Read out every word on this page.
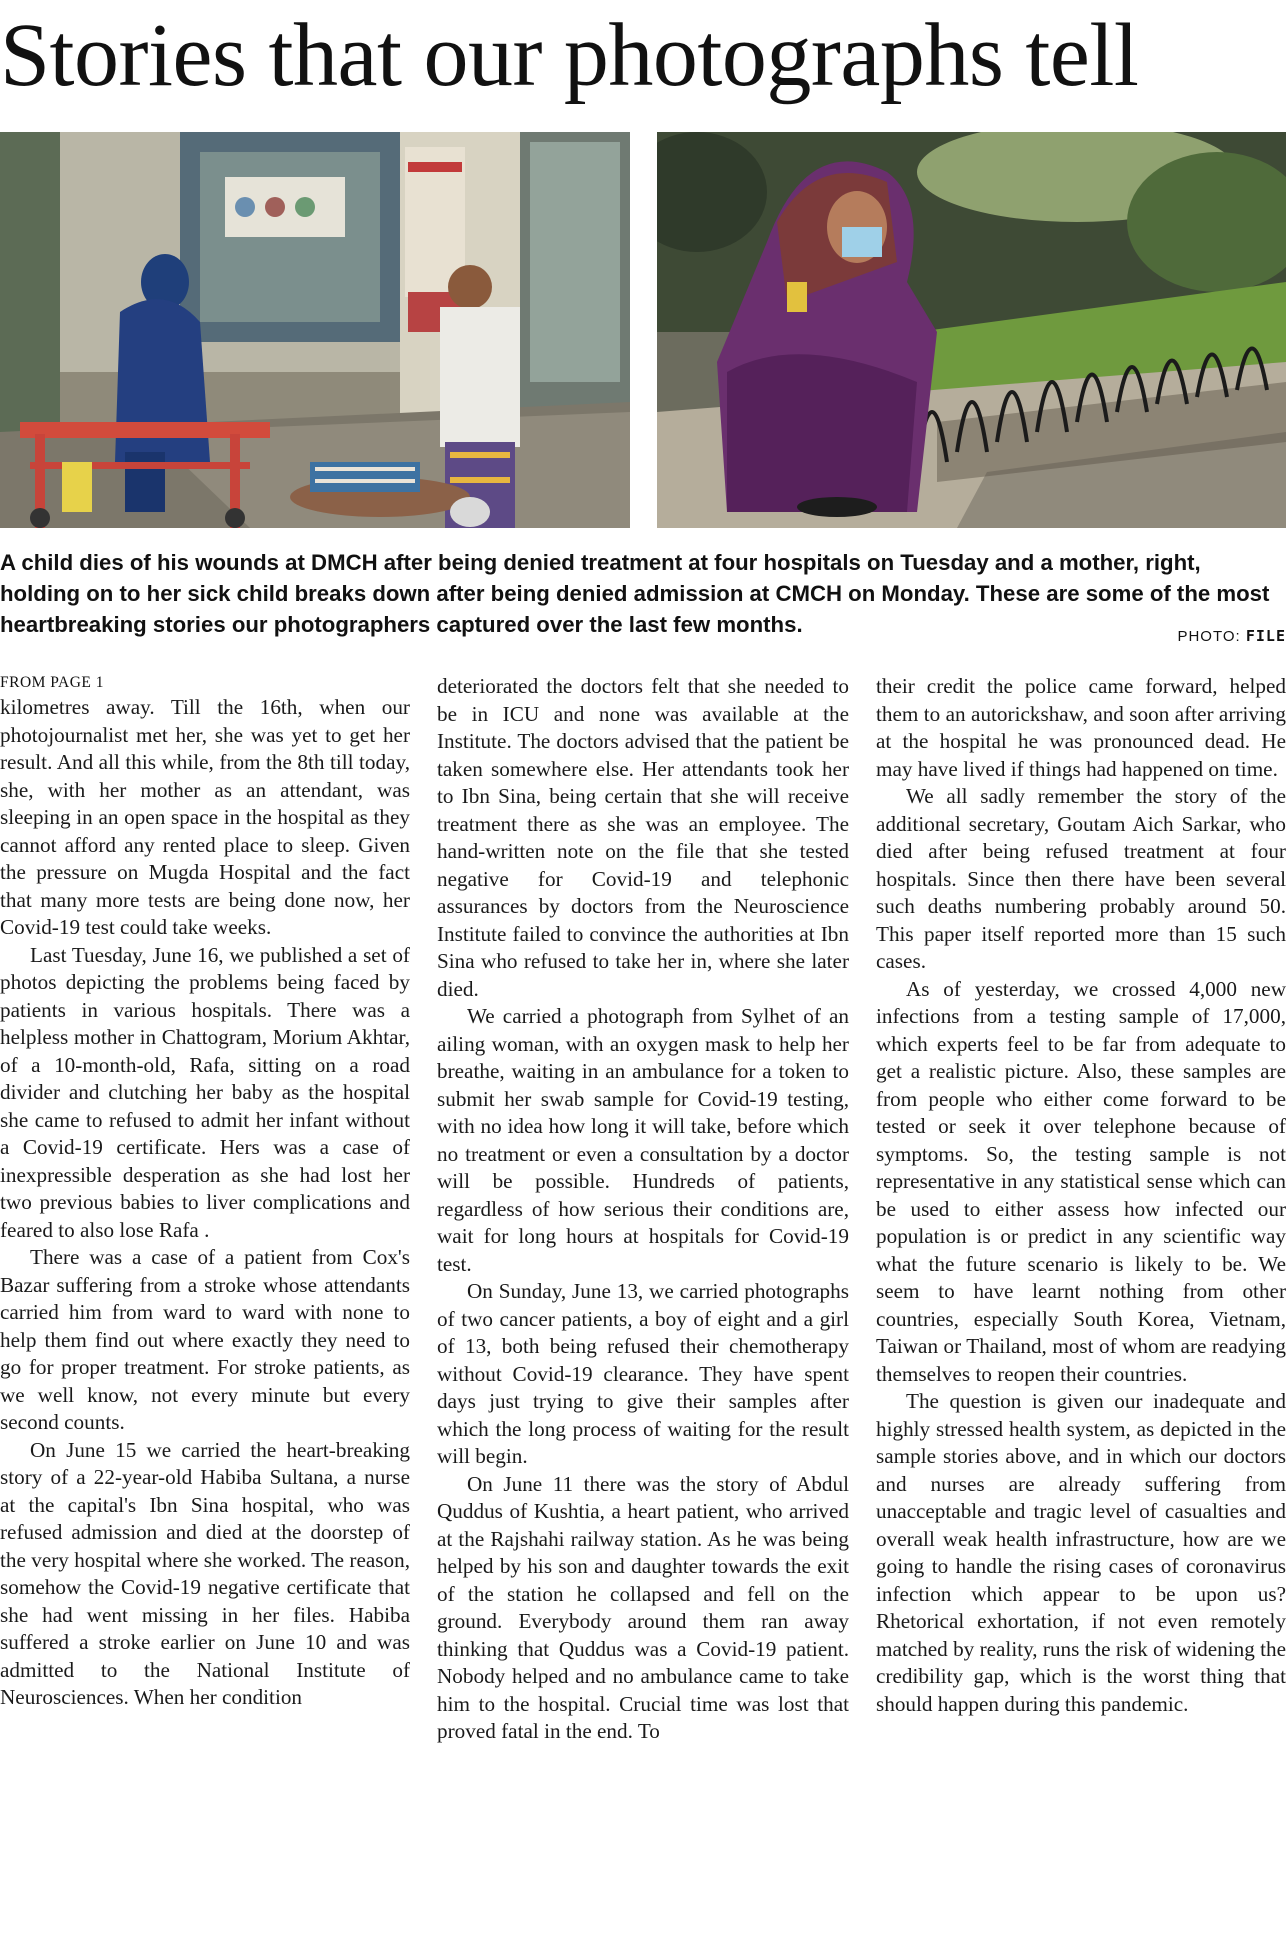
Stories that our photographs tell
A child dies of his wounds at DMCH after being denied treatment at four hospitals on Tuesday and a mother, right, holding on to her sick child breaks down after being denied admission at CMCH on Monday. These are some of the most heartbreaking stories our photographers captured over the last few months.	PHOTO: FILE
FROM PAGE 1

kilometres away. Till the 16th, when our photojournalist met her, she was yet to get her result. And all this while, from the 8th till today, she, with her mother as an attendant, was sleeping in an open space in the hospital as they cannot afford any rented place to sleep. Given the pressure on Mugda Hospital and the fact that many more tests are being done now, her Covid-19 test could take weeks.

Last Tuesday, June 16, we published a set of photos depicting the problems being faced by patients in various hospitals. There was a helpless mother in Chattogram, Morium Akhtar, of a 10-month-old, Rafa, sitting on a road divider and clutching her baby as the hospital she came to refused to admit her infant without a Covid-19 certificate. Hers was a case of inexpressible desperation as she had lost her two previous babies to liver complications and feared to also lose Rafa .

There was a case of a patient from Cox's Bazar suffering from a stroke whose attendants carried him from ward to ward with none to help them find out where exactly they need to go for proper treatment. For stroke patients, as we well know, not every minute but every second counts.

On June 15 we carried the heart-breaking story of a 22-year-old Habiba Sultana, a nurse at the capital's Ibn Sina hospital, who was refused admission and died at the doorstep of the very hospital where she worked. The reason, somehow the Covid-19 negative certificate that she had went missing in her files. Habiba suffered a stroke earlier on June 10 and was admitted to the National Institute of Neurosciences. When her condition

deteriorated the doctors felt that she needed to be in ICU and none was available at the Institute. The doctors advised that the patient be taken somewhere else. Her attendants took her to Ibn Sina, being certain that she will receive treatment there as she was an employee. The hand-written note on the file that she tested negative for Covid-19 and telephonic assurances by doctors from the Neuroscience Institute failed to convince the authorities at Ibn Sina who refused to take her in, where she later died.

We carried a photograph from Sylhet of an ailing woman, with an oxygen mask to help her breathe, waiting in an ambulance for a token to submit her swab sample for Covid-19 testing, with no idea how long it will take, before which no treatment or even a consultation by a doctor will be possible. Hundreds of patients, regardless of how serious their conditions are, wait for long hours at hospitals for Covid-19 test.

On Sunday, June 13, we carried photographs of two cancer patients, a boy of eight and a girl of 13, both being refused their chemotherapy without Covid-19 clearance. They have spent days just trying to give their samples after which the long process of waiting for the result will begin.

On June 11 there was the story of Abdul Quddus of Kushtia, a heart patient, who arrived at the Rajshahi railway station. As he was being helped by his son and daughter towards the exit of the station he collapsed and fell on the ground. Everybody around them ran away thinking that Quddus was a Covid-19 patient. Nobody helped and no ambulance came to take him to the hospital. Crucial time was lost that proved fatal in the end. To

their credit the police came forward, helped them to an autorickshaw, and soon after arriving at the hospital he was pronounced dead. He may have lived if things had happened on time.

We all sadly remember the story of the additional secretary, Goutam Aich Sarkar, who died after being refused treatment at four hospitals. Since then there have been several such deaths numbering probably around 50. This paper itself reported more than 15 such cases.

As of yesterday, we crossed 4,000 new infections from a testing sample of 17,000, which experts feel to be far from adequate to get a realistic picture. Also, these samples are from people who either come forward to be tested or seek it over telephone because of symptoms. So, the testing sample is not representative in any statistical sense which can be used to either assess how infected our population is or predict in any scientific way what the future scenario is likely to be. We seem to have learnt nothing from other countries, especially South Korea, Vietnam, Taiwan or Thailand, most of whom are readying themselves to reopen their countries.

The question is given our inadequate and highly stressed health system, as depicted in the sample stories above, and in which our doctors and nurses are already suffering from unacceptable and tragic level of casualties and overall weak health infrastructure, how are we going to handle the rising cases of coronavirus infection which appear to be upon us? Rhetorical exhortation, if not even remotely matched by reality, runs the risk of widening the credibility gap, which is the worst thing that should happen during this pandemic.
